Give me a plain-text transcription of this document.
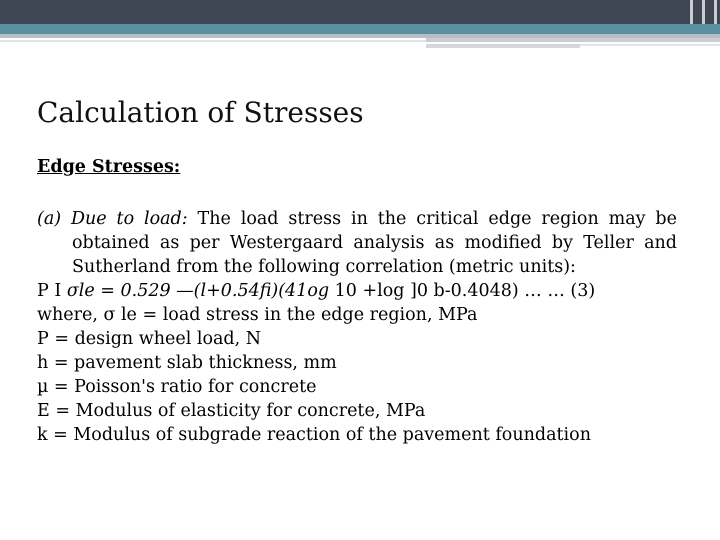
Calculation of Stresses
Edge Stresses:
(a) Due to load: The load stress in the critical edge region may be obtained as per Westergaard analysis as modified by Teller and Sutherland from the following correlation (metric units):
P I σle = 0.529 —(l+0.54fi)(41og 10 +log ]0 b-0.4048) … … (3)
where, σ le = load stress in the edge region, MPa
P = design wheel load, N
h = pavement slab thickness, mm
µ = Poisson's ratio for concrete
E = Modulus of elasticity for concrete, MPa
k = Modulus of subgrade reaction of the pavement foundation
